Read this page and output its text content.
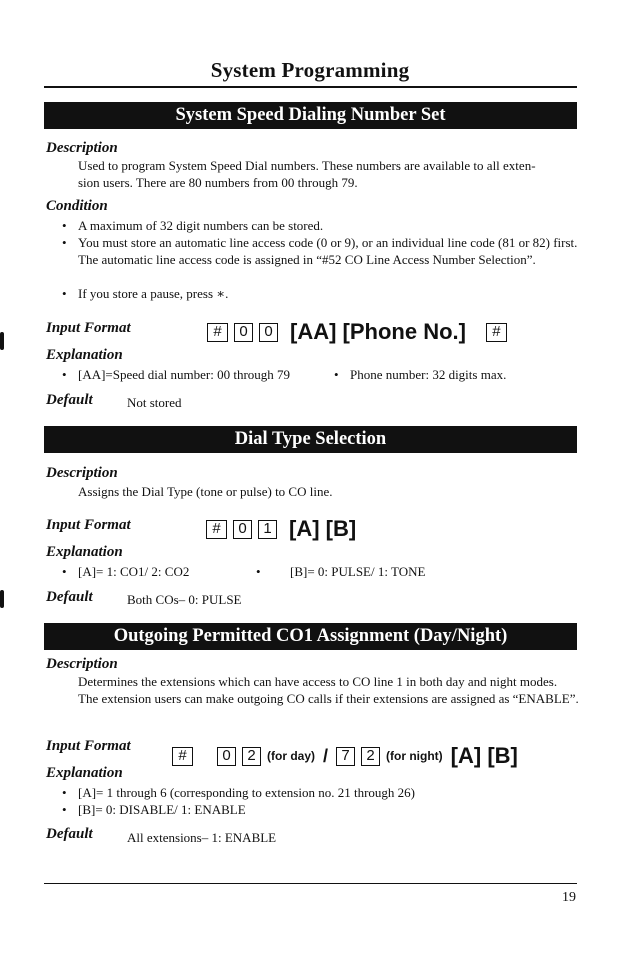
System Programming
System Speed Dialing Number Set
Description
Used to program System Speed Dial numbers. These numbers are available to all exten-
sion users. There are 80 numbers from 00 through 79.
Condition
• A maximum of 32 digit numbers can be stored.
• You must store an automatic line access code (0 or 9), or an individual line code (81 or 82) first. The automatic line access code is assigned in “#52 CO Line Access Number Selection”.
• If you store a pause, press ∗.
Input Format	#	0	0 [AA] [Phone No.]	#
Explanation
• [AA]=Speed dial number: 00 through 79	• Phone number: 32 digits max.
Default	Not stored
Dial Type Selection
Description
Assigns the Dial Type (tone or pulse) to CO line.
Input Format	#	0	1 [A] [B]
Explanation
• [A]= 1: CO1/ 2: CO2	• [B]= 0: PULSE/ 1: TONE
Default	Both COs– 0: PULSE
Outgoing Permitted CO1 Assignment (Day/Night)
Description
Determines the extensions which can have access to CO line 1 in both day and night modes. The extension users can make outgoing CO calls if their extensions are assigned as “ENABLE”.
Input Format
#	0	2 (for day) / 7	2 (for night) [A] [B]
Explanation
• [A]= 1 through 6 (corresponding to extension no. 21 through 26)
• [B]= 0: DISABLE/ 1: ENABLE
Default	All extensions– 1: ENABLE
19
